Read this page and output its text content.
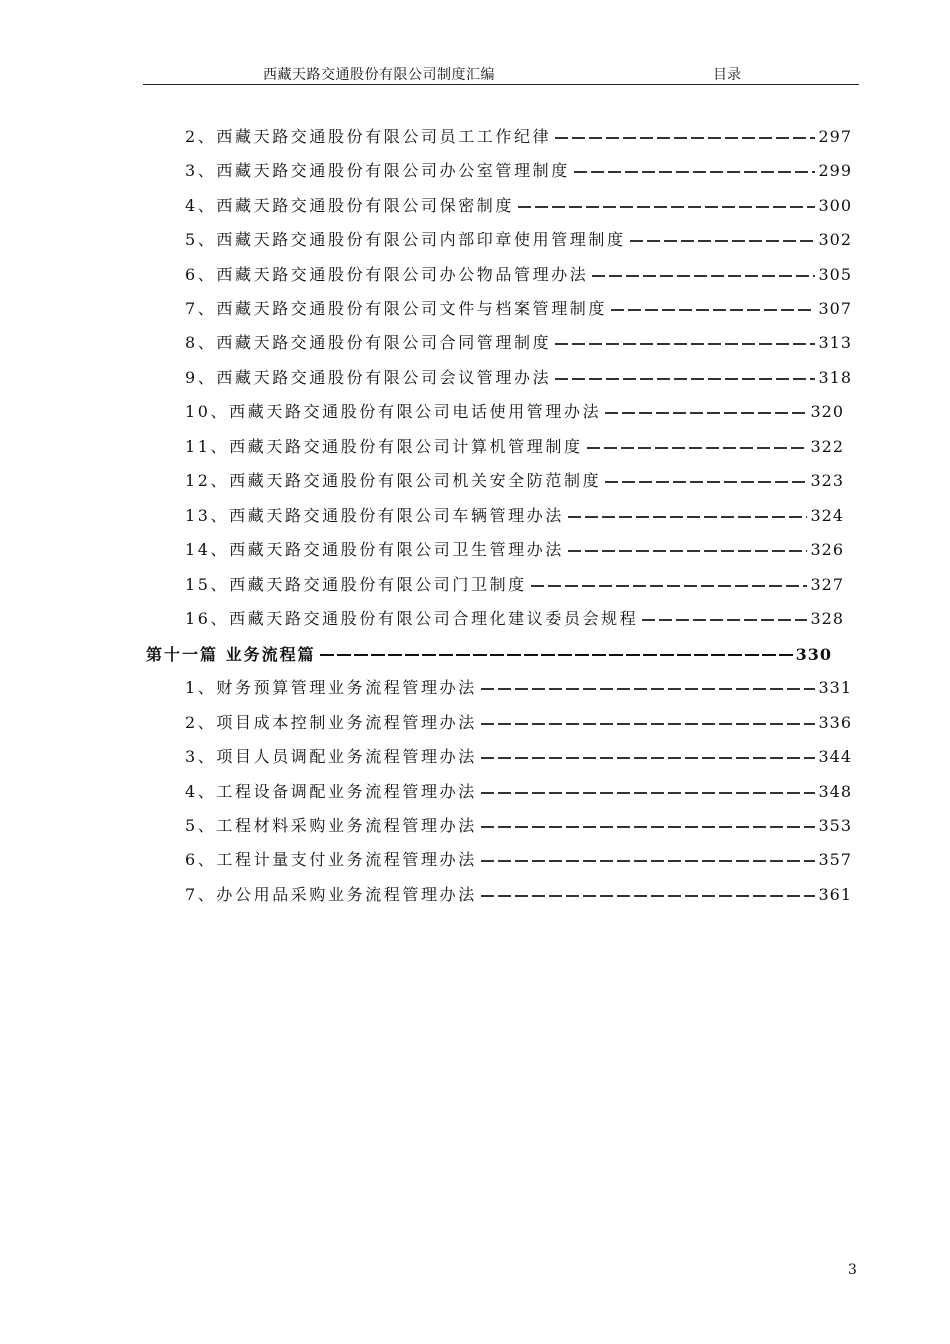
西藏天路交通股份有限公司制度汇编	目录
2、 西藏天路交通股份有限公司员工工作纪律	297
3、 西藏天路交通股份有限公司办公室管理制度	299
4、 西藏天路交通股份有限公司保密制度	300
5、 西藏天路交通股份有限公司内部印章使用管理制度	302
6、 西藏天路交通股份有限公司办公物品管理办法	305
7、 西藏天路交通股份有限公司文件与档案管理制度	307
8、 西藏天路交通股份有限公司合同管理制度	313
9、 西藏天路交通股份有限公司会议管理办法	318
10、 西藏天路交通股份有限公司电话使用管理办法	320
11、 西藏天路交通股份有限公司计算机管理制度	322
12、 西藏天路交通股份有限公司机关安全防范制度	323
13、 西藏天路交通股份有限公司车辆管理办法	324
14、 西藏天路交通股份有限公司卫生管理办法	326
15、 西藏天路交通股份有限公司门卫制度	327
16、 西藏天路交通股份有限公司合理化建议委员会规程	328
第十一篇 业务流程篇	330
1、 财务预算管理业务流程管理办法	331
2、 项目成本控制业务流程管理办法	336
3、 项目人员调配业务流程管理办法	344
4、 工程设备调配业务流程管理办法	348
5、 工程材料采购业务流程管理办法	353
6、 工程计量支付业务流程管理办法	357
7、 办公用品采购业务流程管理办法	361
3
